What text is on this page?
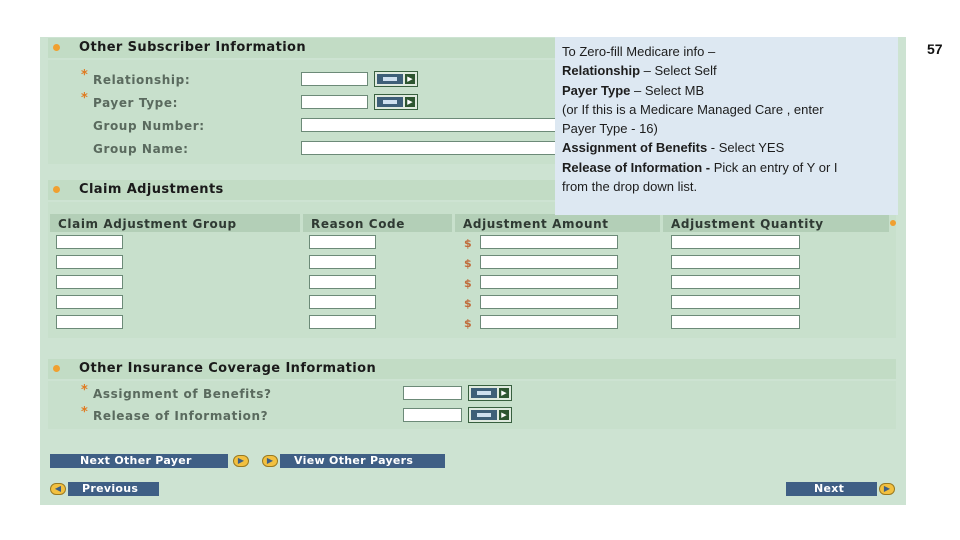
Other Subscriber Information
* Relationship:	▶
* Payer Type:	▶
Group Number:
Group Name:
Claim Adjustments
Claim Adjustment Group	Reason Code	Adjustment Amount	Adjustment Quantity
$
$
$
$
$
Other Insurance Coverage Information
* Assignment of Benefits?	▶
* Release of Information?	▶
Next Other Payer	▶	▶	View Other Payers
◀	Previous	Next	▶
To Zero-fill Medicare info –
Relationship – Select Self
Payer Type – Select MB
(or If this is a Medicare Managed Care , enter
Payer Type - 16)
Assignment of Benefits - Select YES
Release of Information - Pick an entry of Y or I
from the drop down list.
57
